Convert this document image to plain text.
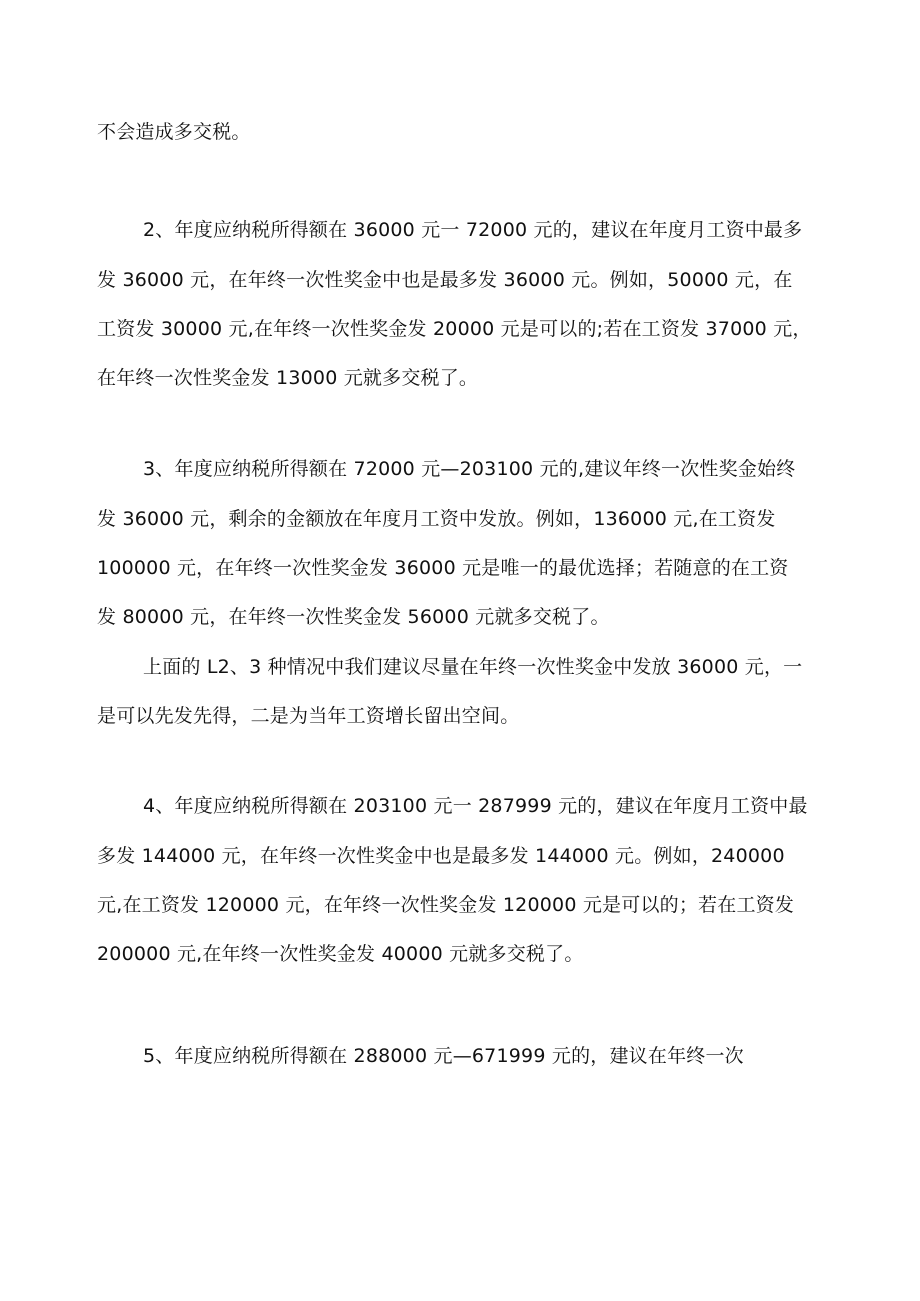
不会造成多交税。

2、年度应纳税所得额在 36000 元一 72000 元的，建议在年度月工资中最多

发 36000 元，在年终一次性奖金中也是最多发 36000 元。例如，50000 元，在

工资发 30000 元,在年终一次性奖金发 20000 元是可以的;若在工资发 37000 元，

在年终一次性奖金发 13000 元就多交税了。

3、年度应纳税所得额在 72000 元—203100 元的,建议年终一次性奖金始终

发 36000 元，剩余的金额放在年度月工资中发放。例如，136000 元,在工资发

100000 元，在年终一次性奖金发 36000 元是唯一的最优选择；若随意的在工资

发 80000 元，在年终一次性奖金发 56000 元就多交税了。

上面的 L2、3 种情况中我们建议尽量在年终一次性奖金中发放 36000 元，一

是可以先发先得，二是为当年工资增长留出空间。

4、年度应纳税所得额在 203100 元一 287999 元的，建议在年度月工资中最

多发 144000 元，在年终一次性奖金中也是最多发 144000 元。例如，240000

元,在工资发 120000 元，在年终一次性奖金发 120000 元是可以的；若在工资发

200000 元,在年终一次性奖金发 40000 元就多交税了。

5、年度应纳税所得额在 288000 元—671999 元的，建议在年终一次
